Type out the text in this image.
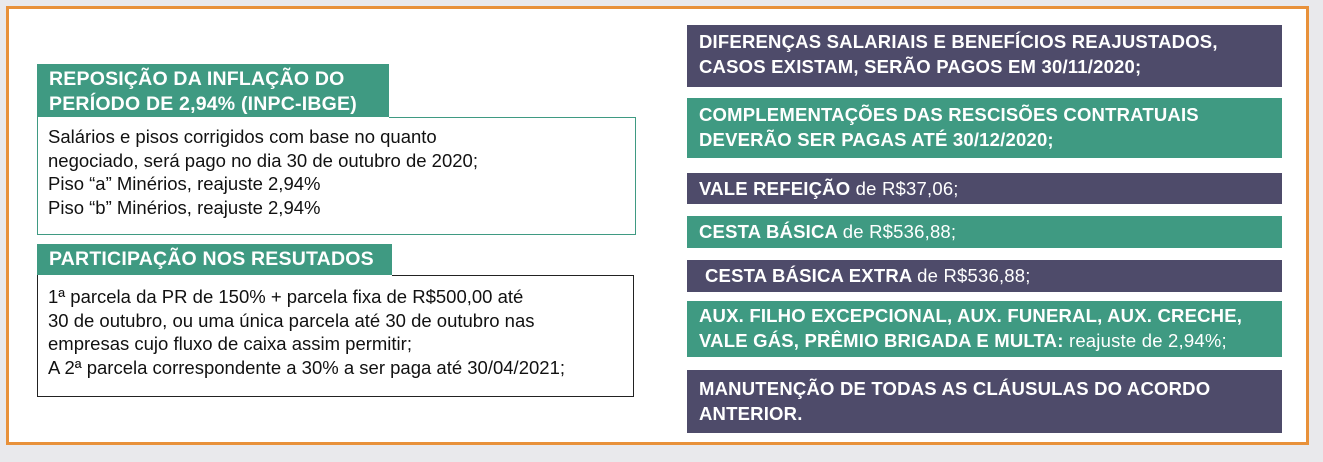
REPOSIÇÃO DA INFLAÇÃO DO
PERÍODO DE 2,94% (INPC-IBGE)
Salários e pisos corrigidos com base no quanto
negociado, será pago no dia 30 de outubro de 2020;
Piso “a” Minérios, reajuste 2,94%
Piso “b” Minérios, reajuste 2,94%
PARTICIPAÇÃO NOS RESUTADOS
1ª parcela da PR de 150% + parcela fixa de R$500,00 até
30 de outubro, ou uma única parcela até 30 de outubro nas
empresas cujo fluxo de caixa assim permitir;
A 2ª parcela correspondente a 30% a ser paga até 30/04/2021;
DIFERENÇAS SALARIAIS E BENEFÍCIOS REAJUSTADOS,
CASOS EXISTAM, SERÃO PAGOS EM 30/11/2020;
COMPLEMENTAÇÕES DAS RESCISÕES CONTRATUAIS
DEVERÃO SER PAGAS ATÉ 30/12/2020;
VALE REFEIÇÃO de R$37,06;
CESTA BÁSICA de R$536,88;
CESTA BÁSICA EXTRA de R$536,88;
AUX. FILHO EXCEPCIONAL, AUX. FUNERAL, AUX. CRECHE,
VALE GÁS, PRÊMIO BRIGADA E MULTA: reajuste de 2,94%;
MANUTENÇÃO DE TODAS AS CLÁUSULAS DO ACORDO
ANTERIOR.
